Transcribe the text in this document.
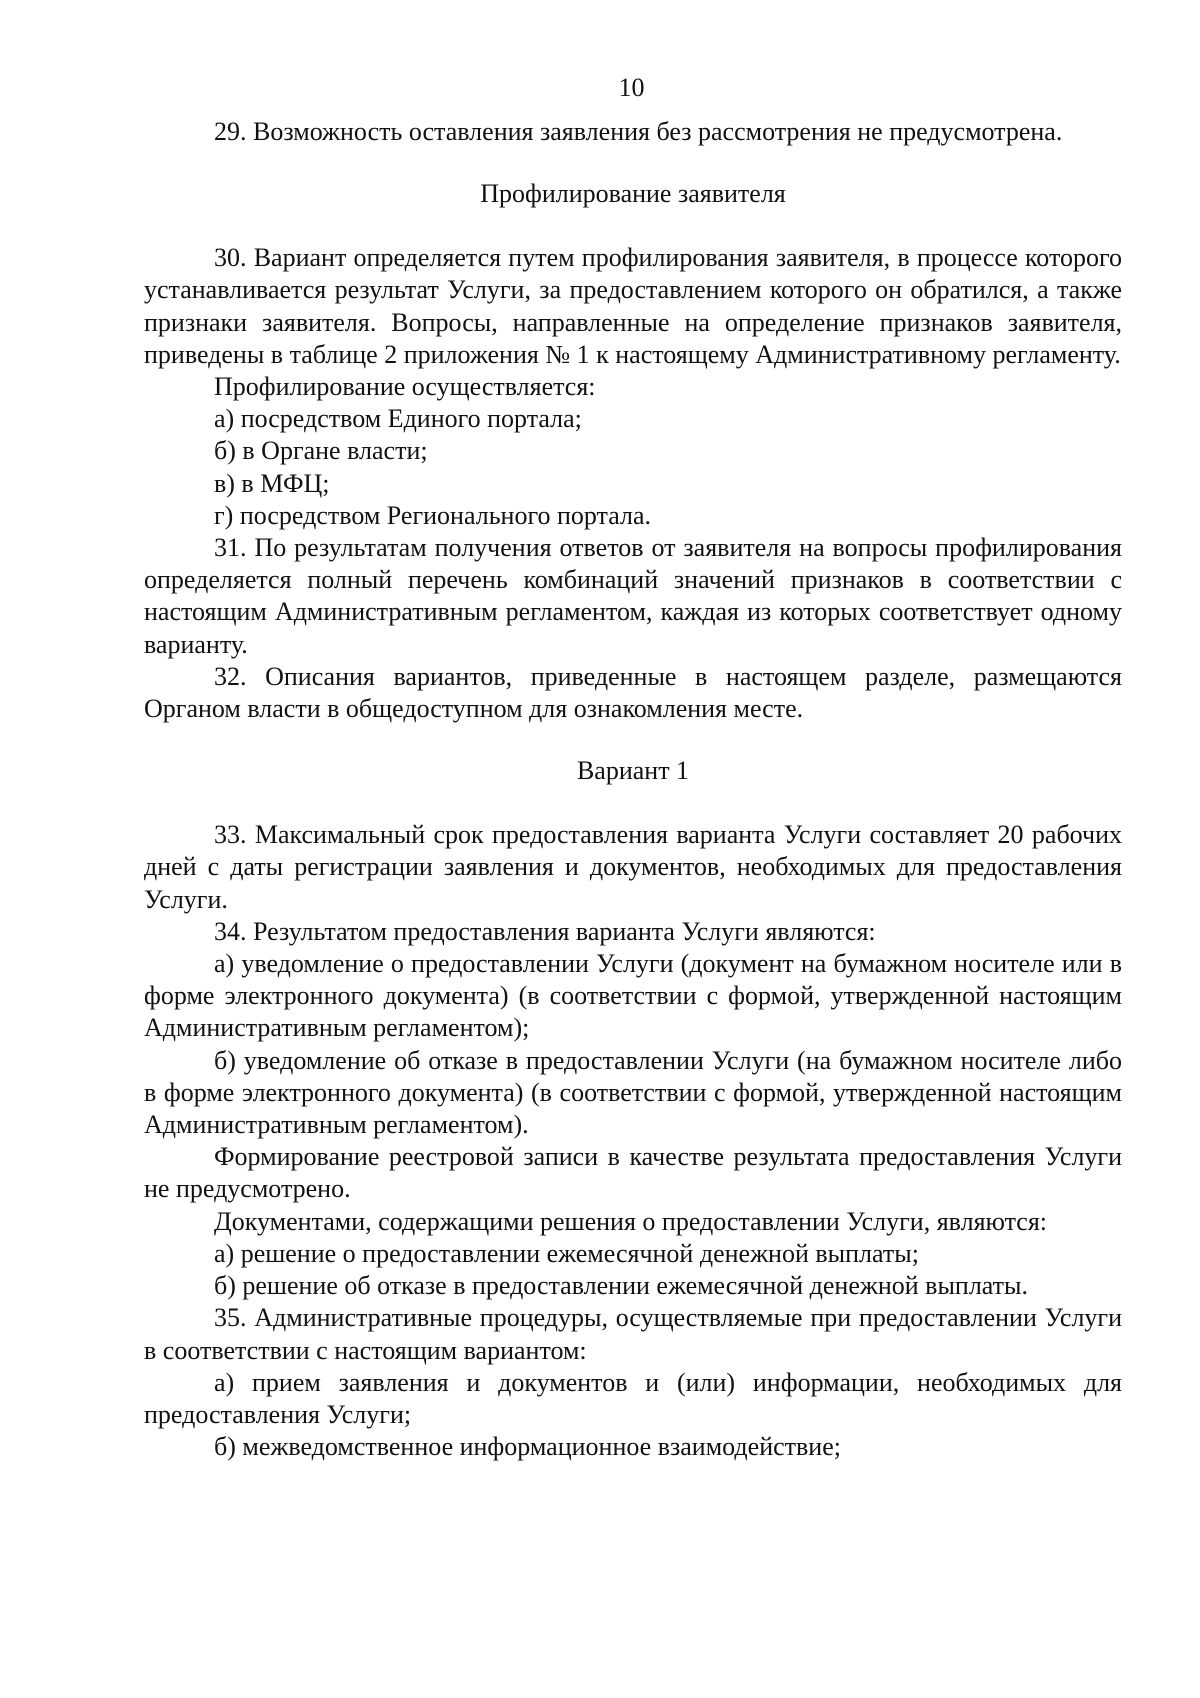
10

29. Возможность оставления заявления без рассмотрения не предусмотрена.

Профилирование заявителя

30. Вариант определяется путем профилирования заявителя, в процессе которого устанавливается результат Услуги, за предоставлением которого он обратился, а также признаки заявителя. Вопросы, направленные на определение признаков заявителя, приведены в таблице 2 приложения № 1 к настоящему Административному регламенту.

Профилирование осуществляется:

а) посредством Единого портала;

б) в Органе власти;

в) в МФЦ;

г) посредством Регионального портала.

31. По результатам получения ответов от заявителя на вопросы профилирования определяется полный перечень комбинаций значений признаков в соответствии с настоящим Административным регламентом, каждая из которых соответствует одному варианту.

32. Описания вариантов, приведенные в настоящем разделе, размещаются Органом власти в общедоступном для ознакомления месте.

Вариант 1

33. Максимальный срок предоставления варианта Услуги составляет 20 рабочих дней с даты регистрации заявления и документов, необходимых для предоставления Услуги.

34. Результатом предоставления варианта Услуги являются:

а) уведомление о предоставлении Услуги (документ на бумажном носителе или в форме электронного документа) (в соответствии с формой, утвержденной настоящим Административным регламентом);

б) уведомление об отказе в предоставлении Услуги (на бумажном носителе либо в форме электронного документа) (в соответствии с формой, утвержденной настоящим Административным регламентом).

Формирование реестровой записи в качестве результата предоставления Услуги не предусмотрено.

Документами, содержащими решения о предоставлении Услуги, являются:

а) решение о предоставлении ежемесячной денежной выплаты;

б) решение об отказе в предоставлении ежемесячной денежной выплаты.

35. Административные процедуры, осуществляемые при предоставлении Услуги в соответствии с настоящим вариантом:

а) прием заявления и документов и (или) информации, необходимых для предоставления Услуги;

б) межведомственное информационное взаимодействие;
